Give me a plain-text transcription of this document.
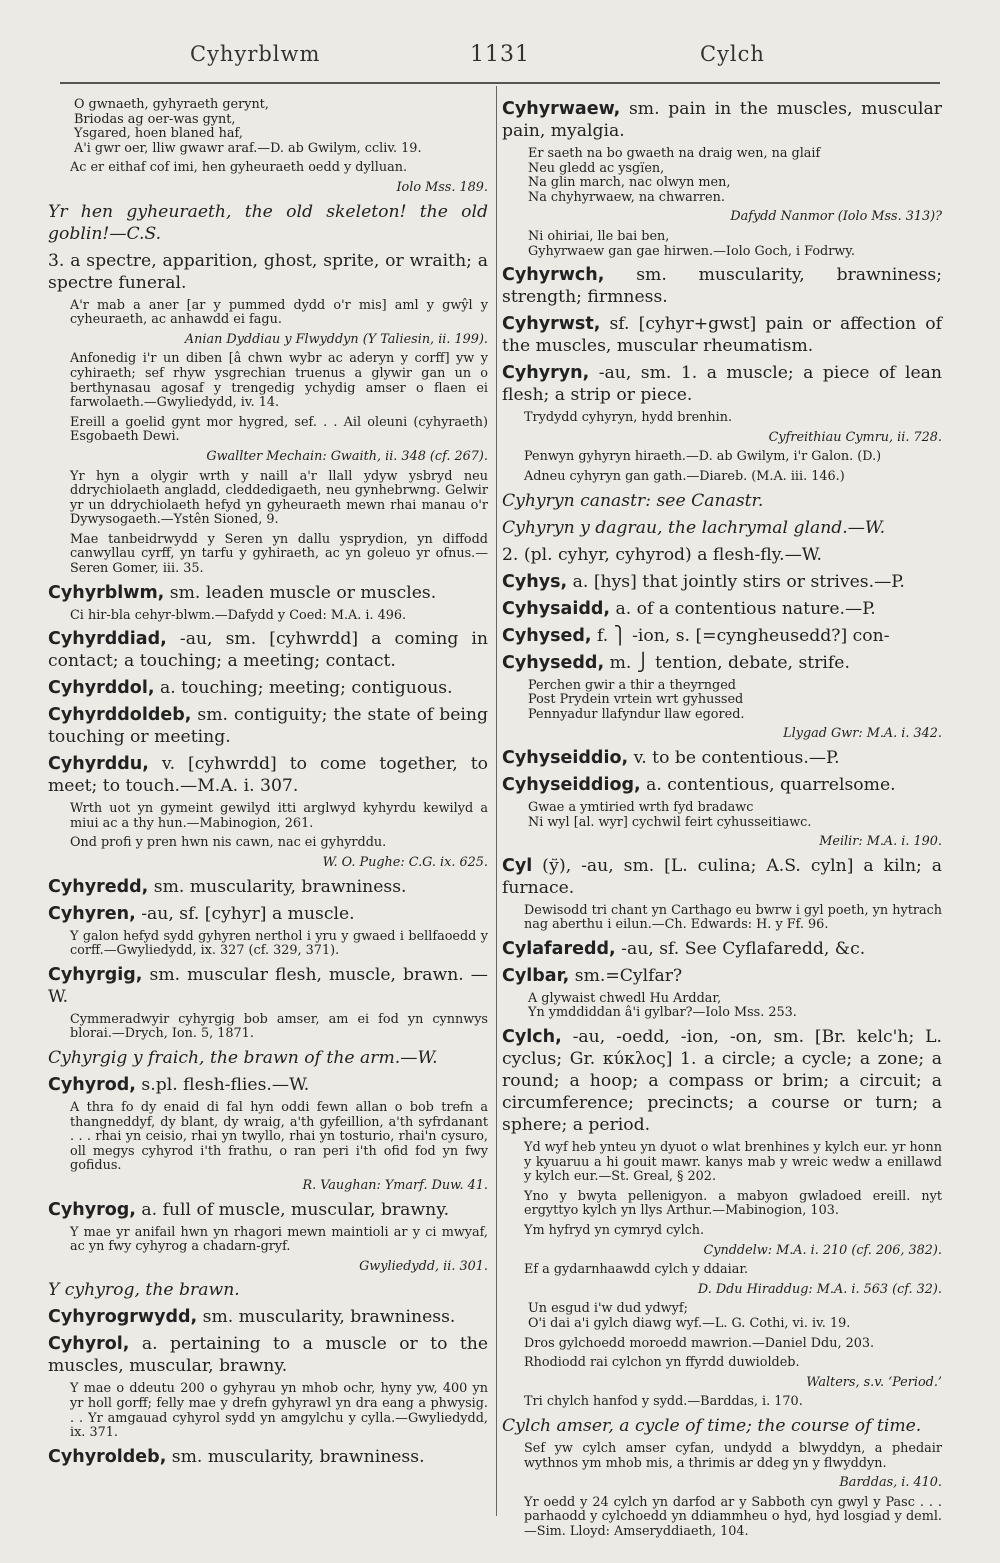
Cyhyrblwm	1131	Cylch
O gwnaeth, gyhyraeth gerynt,
Briodas ag oer-was gynt,
Ysgared, hoen blaned haf,
A'i gwr oer, lliw gwawr araf.—D. ab Gwilym, ccliv. 19.
Ac er eithaf cof imi, hen gyheuraeth oedd y dylluan.
Iolo Mss. 189.
Yr hen gyheuraeth, the old skeleton! the old goblin!—C.S.
3. a spectre, apparition, ghost, sprite, or wraith; a spectre funeral.
A'r mab a aner [ar y pummed dydd o'r mis] aml y gwŷl y cyheuraeth, ac anhawdd ei fagu.
Anian Dyddiau y Flwyddyn (Y Taliesin, ii. 199).
Anfonedig i'r un diben [â chwn wybr ac aderyn y corff] yw y cyhiraeth; sef rhyw ysgrechian truenus a glywir gan un o berthynasau agosaf y trengedig ychydig amser o flaen ei farwolaeth.—Gwyliedydd, iv. 14.
Ereill a goelid gynt mor hygred, sef. . . Ail oleuni (cyhyraeth) Esgobaeth Dewi.
Gwallter Mechain: Gwaith, ii. 348 (cf. 267).
Yr hyn a olygir wrth y naill a'r llall ydyw ysbryd neu ddrychiolaeth angladd, cleddedigaeth, neu gynhebrwng. Gelwir yr un ddrychiolaeth hefyd yn gyheuraeth mewn rhai manau o'r Dywysogaeth.—Ystên Sioned, 9.
Mae tanbeidrwydd y Seren yn dallu ysprydion, yn diffodd canwyllau cyrff, yn tarfu y gyhiraeth, ac yn goleuo yr ofnus.—Seren Gomer, iii. 35.
Cyhyrblwm, sm. leaden muscle or muscles.
Ci hir-bla cehyr-blwm.—Dafydd y Coed: M.A. i. 496.
Cyhyrddiad, -au, sm. [cyhwrdd] a coming in contact; a touching; a meeting; contact.
Cyhyrddol, a. touching; meeting; contiguous.
Cyhyrddoldeb, sm. contiguity; the state of being touching or meeting.
Cyhyrddu, v. [cyhwrdd] to come together, to meet; to touch.—M.A. i. 307.
Wrth uot yn gymeint gewilyd itti arglwyd kyhyrdu kewilyd a miui ac a thy hun.—Mabinogion, 261.
Ond profi y pren hwn nis cawn, nac ei gyhyrddu.
W. O. Pughe: C.G. ix. 625.
Cyhyredd, sm. muscularity, brawniness.
Cyhyren, -au, sf. [cyhyr] a muscle.
Y galon hefyd sydd gyhyren nerthol i yru y gwaed i bellfaoedd y corff.—Gwyliedydd, ix. 327 (cf. 329, 371).
Cyhyrgig, sm. muscular flesh, muscle, brawn. —W.
Cymmeradwyir cyhyrgig bob amser, am ei fod yn cynnwys blorai.—Drych, Ion. 5, 1871.
Cyhyrgig y fraich, the brawn of the arm.—W.
Cyhyrod, s.pl. flesh-flies.—W.
A thra fo dy enaid di fal hyn oddi fewn allan o bob trefn a thangneddyf, dy blant, dy wraig, a'th gyfeillion, a'th syfrdanant . . . rhai yn ceisio, rhai yn twyllo, rhai yn tosturio, rhai'n cysuro, oll megys cyhyrod i'th frathu, o ran peri i'th ofid fod yn fwy gofidus.
R. Vaughan: Ymarf. Duw. 41.
Cyhyrog, a. full of muscle, muscular, brawny.
Y mae yr anifail hwn yn rhagori mewn maintioli ar y ci mwyaf, ac yn fwy cyhyrog a chadarn-gryf.
Gwyliedydd, ii. 301.
Y cyhyrog, the brawn.
Cyhyrogrwydd, sm. muscularity, brawniness.
Cyhyrol, a. pertaining to a muscle or to the muscles, muscular, brawny.
Y mae o ddeutu 200 o gyhyrau yn mhob ochr, hyny yw, 400 yn yr holl gorff; felly mae y drefn gyhyrawl yn dra eang a phwysig. . . Yr amgauad cyhyrol sydd yn amgylchu y cylla.—Gwyliedydd, ix. 371.
Cyhyroldeb, sm. muscularity, brawniness.
Cyhyrwaew, sm. pain in the muscles, muscular pain, myalgia.
Er saeth na bo gwaeth na draig wen, na glaif
Neu gledd ac ysgïen,
Na glin march, nac olwyn men,
Na chyhyrwaew, na chwarren.
Dafydd Nanmor (Iolo Mss. 313)?
Ni ohiriai, lle bai ben,
Gyhyrwaew gan gae hirwen.—Iolo Goch, i Fodrwy.
Cyhyrwch, sm. muscularity, brawniness; strength; firmness.
Cyhyrwst, sf. [cyhyr+gwst] pain or affection of the muscles, muscular rheumatism.
Cyhyryn, -au, sm. 1. a muscle; a piece of lean flesh; a strip or piece.
Trydydd cyhyryn, hydd brenhin.
Cyfreithiau Cymru, ii. 728.
Penwyn gyhyryn hiraeth.—D. ab Gwilym, i'r Galon. (D.)
Adneu cyhyryn gan gath.—Diareb. (M.A. iii. 146.)
Cyhyryn canastr: see Canastr.
Cyhyryn y dagrau, the lachrymal gland.—W.
2. (pl. cyhyr, cyhyrod) a flesh-fly.—W.
Cyhys, a. [hys] that jointly stirs or strives.—P.
Cyhysaidd, a. of a contentious nature.—P.
Cyhysed, f. ⎫ -ion, s. [=cyngheusedd?] con-
Cyhysedd, m. ⎭ tention, debate, strife.
Perchen gwir a thir a theyrnged
Post Prydein vrtein wrt gyhussed
Pennyadur llafyndur llaw egored.
Llygad Gwr: M.A. i. 342.
Cyhyseiddio, v. to be contentious.—P.
Cyhyseiddiog, a. contentious, quarrelsome.
Gwae a ymtiried wrth fyd bradawc
Ni wyl [al. wyr] cychwil feirt cyhusseitiawc.
Meilir: M.A. i. 190.
Cyl (ў), -au, sm. [L. culina; A.S. cyln] a kiln; a furnace.
Dewisodd tri chant yn Carthago eu bwrw i gyl poeth, yn hytrach nag aberthu i eilun.—Ch. Edwards: H. y Ff. 96.
Cylafaredd, -au, sf. See Cyflafaredd, &c.
Cylbar, sm.=Cylfar?
A glywaist chwedl Hu Arddar,
Yn ymddiddan â'i gylbar?—Iolo Mss. 253.
Cylch, -au, -oedd, -ion, -on, sm. [Br. kelc'h; L. cyclus; Gr. κύκλος] 1. a circle; a cycle; a zone; a round; a hoop; a compass or brim; a circuit; a circumference; precincts; a course or turn; a sphere; a period.
Yd wyf heb ynteu yn dyuot o wlat brenhines y kylch eur. yr honn y kyuaruu a hi gouit mawr. kanys mab y wreic wedw a enillawd y kylch eur.—St. Greal, § 202.
Yno y bwyta pellenigyon. a mabyon gwladoed ereill. nyt ergyttyo kylch yn llys Arthur.—Mabinogion, 103.
Ym hyfryd yn cymryd cylch.
Cynddelw: M.A. i. 210 (cf. 206, 382).
Ef a gydarnhaawdd cylch y ddaiar.
D. Ddu Hiraddug: M.A. i. 563 (cf. 32).
Un esgud i'w dud ydwyf;
O'i dai a'i gylch diawg wyf.—L. G. Cothi, vi. iv. 19.
Dros gylchoedd moroedd mawrion.—Daniel Ddu, 203.
Rhodiodd rai cylchon yn ffyrdd duwioldeb.
Walters, s.v. ‘Period.’
Tri chylch hanfod y sydd.—Barddas, i. 170.
Cylch amser, a cycle of time; the course of time.
Sef yw cylch amser cyfan, undydd a blwyddyn, a phedair wythnos ym mhob mis, a thrimis ar ddeg yn y flwyddyn.
Barddas, i. 410.
Yr oedd y 24 cylch yn darfod ar y Sabboth cyn gwyl y Pasc . . . parhaodd y cylchoedd yn ddiammheu o hyd, hyd losgiad y deml.—Sim. Lloyd: Amseryddiaeth, 104.
